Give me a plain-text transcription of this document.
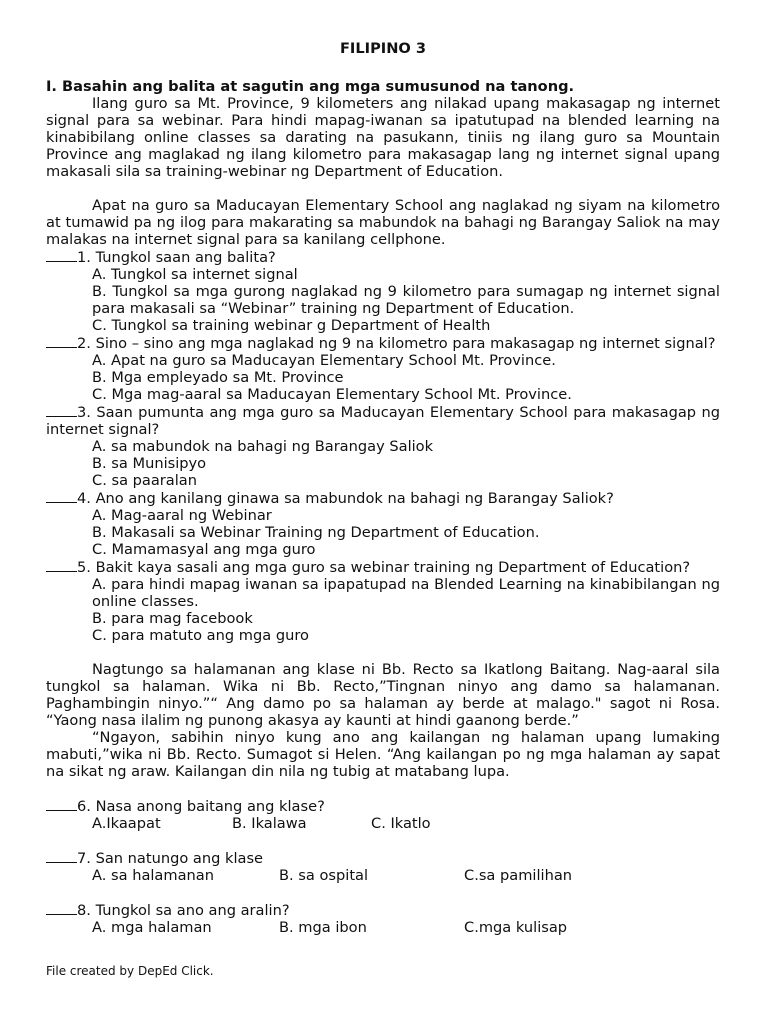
FILIPINO 3
I. Basahin ang balita at sagutin ang mga sumusunod na tanong.
Ilang guro sa Mt. Province, 9 kilometers ang nilakad upang makasagap ng internet signal para sa webinar. Para hindi mapag-iwanan sa ipatutupad na blended learning na kinabibilang online classes sa darating na pasukann, tiniis ng ilang guro sa Mountain Province ang maglakad ng ilang kilometro para makasagap lang ng internet signal upang makasali sila sa training-webinar ng Department of Education.
Apat na guro sa Maducayan Elementary School ang naglakad ng siyam na kilometro at tumawid pa ng ilog para makarating sa mabundok na bahagi ng Barangay Saliok na may malakas na internet signal para sa kanilang cellphone.
1. Tungkol saan ang balita?
A. Tungkol sa internet signal
B. Tungkol sa mga gurong naglakad ng 9 kilometro para sumagap ng internet signal para makasali sa “Webinar” training ng Department of Education.
C. Tungkol sa training webinar g Department of Health
2. Sino – sino ang mga naglakad ng 9 na kilometro para makasagap ng internet signal?
A. Apat na guro sa Maducayan Elementary School Mt. Province.
B. Mga empleyado sa Mt. Province
C. Mga mag-aaral sa Maducayan Elementary School Mt. Province.
3. Saan pumunta ang mga guro sa Maducayan Elementary School para makasagap ng internet signal?
A. sa mabundok na bahagi ng Barangay Saliok
B. sa Munisipyo
C. sa paaralan
4. Ano ang kanilang ginawa sa mabundok na bahagi ng Barangay Saliok?
A. Mag-aaral ng Webinar
B. Makasali sa Webinar Training ng Department of Education.
C. Mamamasyal ang mga guro
5. Bakit kaya sasali ang mga guro sa webinar training ng Department of Education?
A. para hindi mapag iwanan sa ipapatupad na Blended Learning na kinabibilangan ng online classes.
B. para mag facebook
C. para matuto ang mga guro
Nagtungo sa halamanan ang klase ni Bb. Recto sa Ikatlong Baitang. Nag-aaral sila tungkol sa halaman. Wika ni Bb. Recto,”Tingnan ninyo ang damo sa halamanan. Paghambingin ninyo.”“ Ang damo po sa halaman ay berde at malago." sagot ni Rosa. “Yaong nasa ilalim ng punong akasya ay kaunti at hindi gaanong berde.”
“Ngayon, sabihin ninyo kung ano ang kailangan ng halaman upang lumaking mabuti,”wika ni Bb. Recto. Sumagot si Helen. “Ang kailangan po ng mga halaman ay sapat na sikat ng araw. Kailangan din nila ng tubig at matabang lupa.
6. Nasa anong baitang ang klase?
A.Ikaapat	B. Ikalawa	C. Ikatlo
7. San natungo ang klase
A. sa halamanan	B. sa ospital	C.sa pamilihan
8. Tungkol sa ano ang aralin?
A. mga halaman	B. mga ibon	C.mga kulisap
File created by DepEd Click.
